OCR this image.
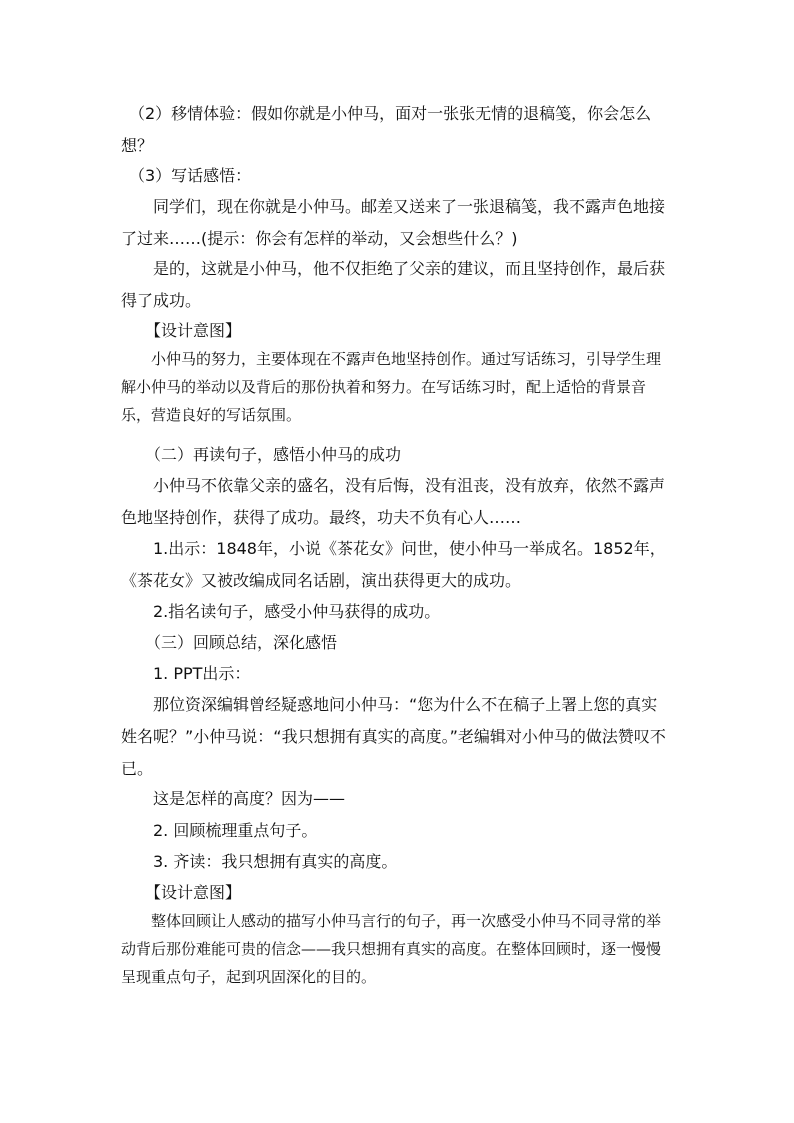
　（2）移情体验：假如你就是小仲马，面对一张张无情的退稿笺，你会怎么想？
　（3）写话感悟：
　　同学们，现在你就是小仲马。邮差又送来了一张退稿笺，我不露声色地接了过来……(提示：你会有怎样的举动，又会想些什么？)
　　是的，这就是小仲马，他不仅拒绝了父亲的建议，而且坚持创作，最后获得了成功。
　　【设计意图】
　　小仲马的努力，主要体现在不露声色地坚持创作。通过写话练习，引导学生理解小仲马的举动以及背后的那份执着和努力。在写话练习时，配上适恰的背景音乐，营造良好的写话氛围。
　　（二）再读句子，感悟小仲马的成功
　　小仲马不依靠父亲的盛名，没有后悔，没有沮丧，没有放弃，依然不露声色地坚持创作，获得了成功。最终，功夫不负有心人……
　　1.出示：1848年，小说《茶花女》问世，使小仲马一举成名。1852年，《茶花女》又被改编成同名话剧，演出获得更大的成功。
　　2.指名读句子，感受小仲马获得的成功。
　　（三）回顾总结，深化感悟
　　1. PPT出示：
　　那位资深编辑曾经疑惑地问小仲马：“您为什么不在稿子上署上您的真实姓名呢？”小仲马说：“我只想拥有真实的高度。”老编辑对小仲马的做法赞叹不已。
　　这是怎样的高度？因为——
　　2. 回顾梳理重点句子。
　　3. 齐读：我只想拥有真实的高度。
　　【设计意图】
　　整体回顾让人感动的描写小仲马言行的句子，再一次感受小仲马不同寻常的举动背后那份难能可贵的信念——我只想拥有真实的高度。在整体回顾时，逐一慢慢呈现重点句子，起到巩固深化的目的。
